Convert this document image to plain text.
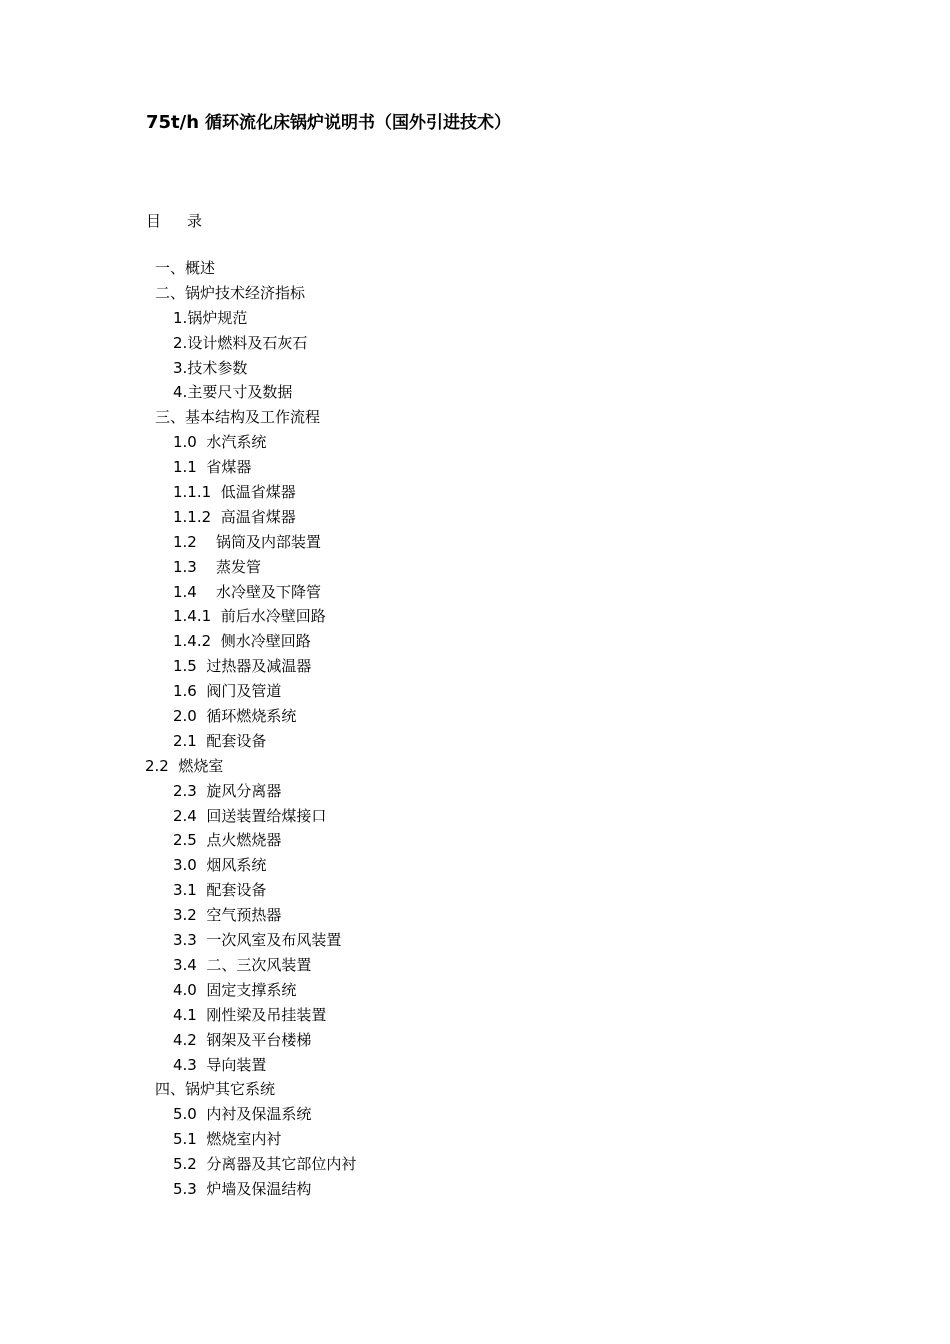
75t/h 循环流化床锅炉说明书（国外引进技术）
目录
一、概述
二、锅炉技术经济指标
1.锅炉规范
2.设计燃料及石灰石
3.技术参数
4.主要尺寸及数据
三、基本结构及工作流程
1.0  水汽系统
1.1  省煤器
1.1.1  低温省煤器
1.1.2  高温省煤器
1.2    锅筒及内部装置
1.3    蒸发管
1.4    水冷壁及下降管
1.4.1  前后水冷壁回路
1.4.2  侧水冷壁回路
1.5  过热器及减温器
1.6  阀门及管道
2.0  循环燃烧系统
2.1  配套设备
2.2  燃烧室
2.3  旋风分离器
2.4  回送装置给煤接口
2.5  点火燃烧器
3.0  烟风系统
3.1  配套设备
3.2  空气预热器
3.3  一次风室及布风装置
3.4  二、三次风装置
4.0  固定支撑系统
4.1  刚性梁及吊挂装置
4.2  钢架及平台楼梯
4.3  导向装置
四、锅炉其它系统
5.0  内衬及保温系统
5.1  燃烧室内衬
5.2  分离器及其它部位内衬
5.3  炉墙及保温结构
